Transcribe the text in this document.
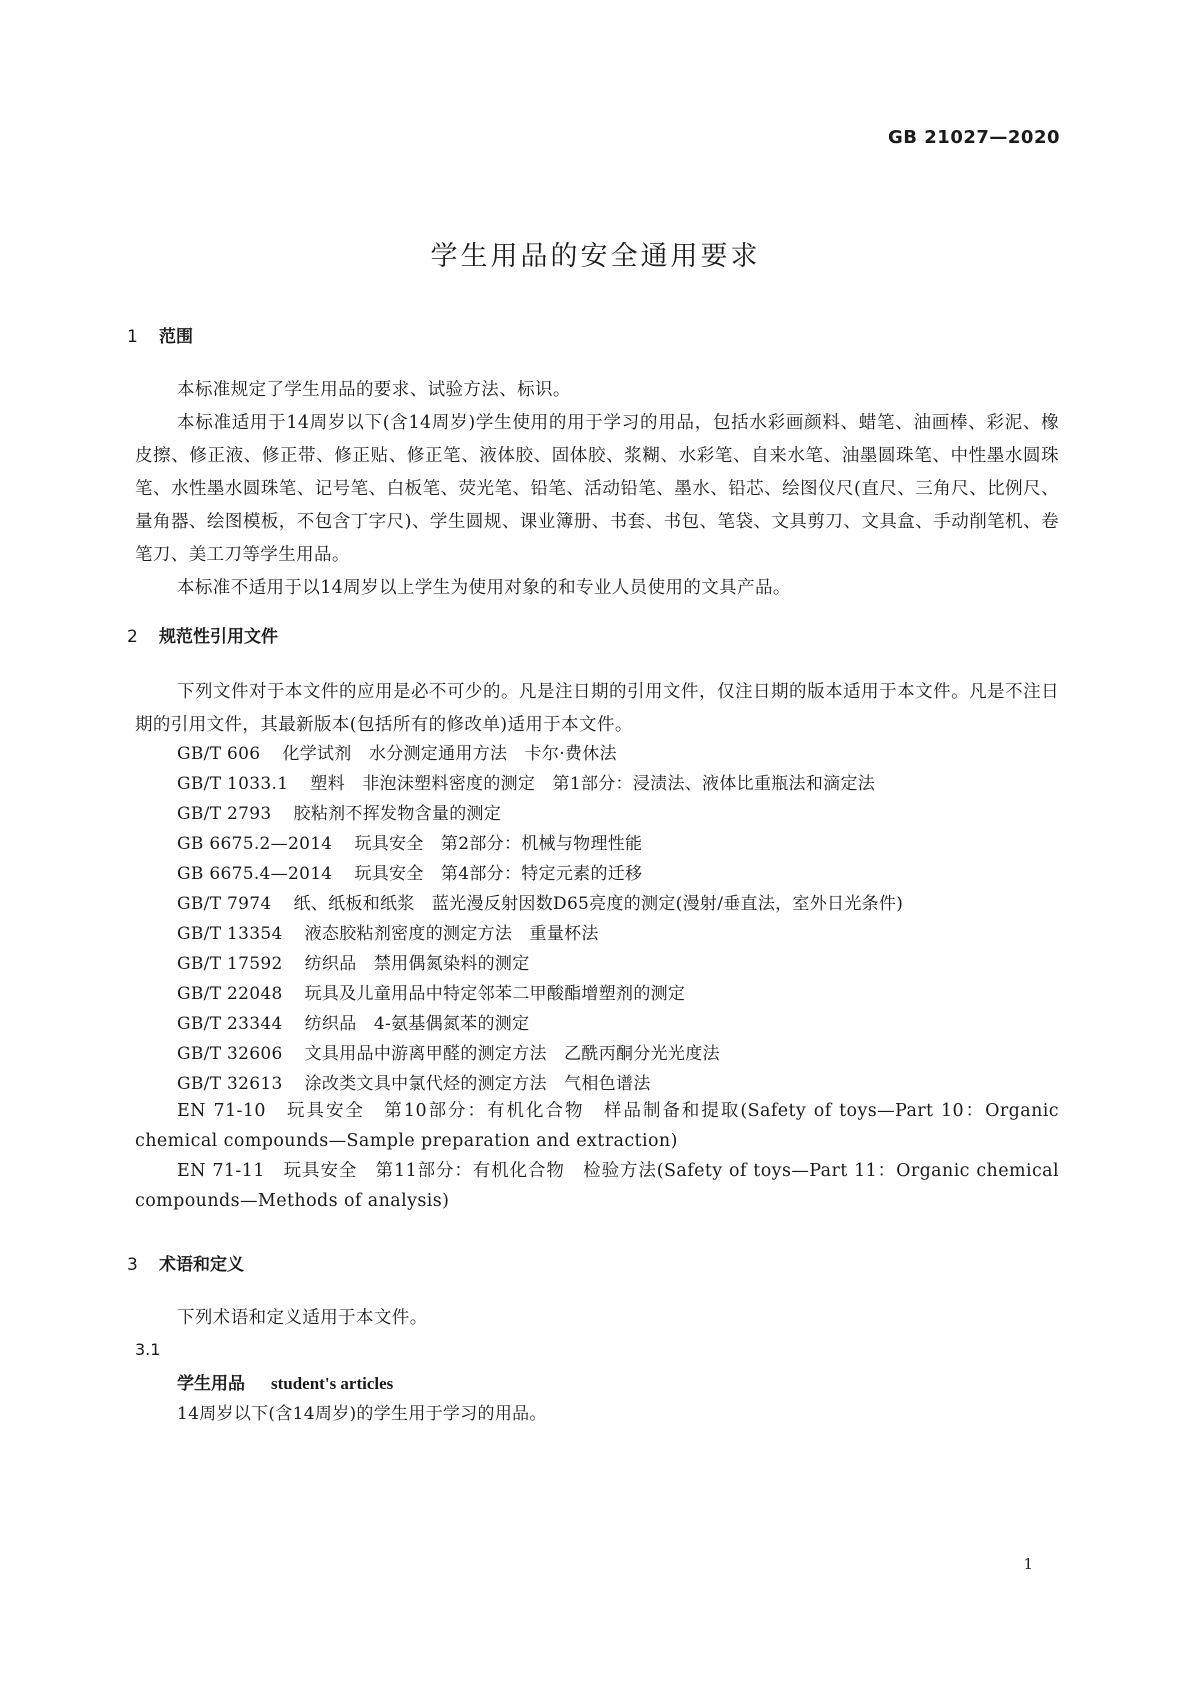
GB 21027—2020
学生用品的安全通用要求
1 范围

本标准规定了学生用品的要求、试验方法、标识。

本标准适用于14周岁以下(含14周岁)学生使用的用于学习的用品，包括水彩画颜料、蜡笔、油画棒、彩泥、橡皮擦、修正液、修正带、修正贴、修正笔、液体胶、固体胶、浆糊、水彩笔、自来水笔、油墨圆珠笔、中性墨水圆珠笔、水性墨水圆珠笔、记号笔、白板笔、荧光笔、铅笔、活动铅笔、墨水、铅芯、绘图仪尺(直尺、三角尺、比例尺、量角器、绘图模板，不包含丁字尺)、学生圆规、课业簿册、书套、书包、笔袋、文具剪刀、文具盒、手动削笔机、卷笔刀、美工刀等学生用品。

本标准不适用于以14周岁以上学生为使用对象的和专业人员使用的文具产品。

2 规范性引用文件

下列文件对于本文件的应用是必不可少的。凡是注日期的引用文件，仅注日期的版本适用于本文件。凡是不注日期的引用文件，其最新版本(包括所有的修改单)适用于本文件。

GB/T 606 化学试剂　水分测定通用方法　卡尔·费休法
GB/T 1033.1 塑料　非泡沫塑料密度的测定　第1部分：浸渍法、液体比重瓶法和滴定法
GB/T 2793 胶粘剂不挥发物含量的测定
GB 6675.2—2014 玩具安全　第2部分：机械与物理性能
GB 6675.4—2014 玩具安全　第4部分：特定元素的迁移
GB/T 7974 纸、纸板和纸浆　蓝光漫反射因数D65亮度的测定(漫射/垂直法，室外日光条件)
GB/T 13354 液态胶粘剂密度的测定方法　重量杯法
GB/T 17592 纺织品　禁用偶氮染料的测定
GB/T 22048 玩具及儿童用品中特定邻苯二甲酸酯增塑剂的测定
GB/T 23344 纺织品　4-氨基偶氮苯的测定
GB/T 32606 文具用品中游离甲醛的测定方法　乙酰丙酮分光光度法
GB/T 32613 涂改类文具中氯代烃的测定方法　气相色谱法

EN 71-10　玩具安全　第10部分：有机化合物　样品制备和提取(Safety of toys—Part 10：Organic chemical compounds—Sample preparation and extraction)

EN 71-11　玩具安全　第11部分：有机化合物　检验方法(Safety of toys—Part 11：Organic chemical compounds—Methods of analysis)

3 术语和定义

下列术语和定义适用于本文件。

3.1
学生用品 student's articles
14周岁以下(含14周岁)的学生用于学习的用品。
1
